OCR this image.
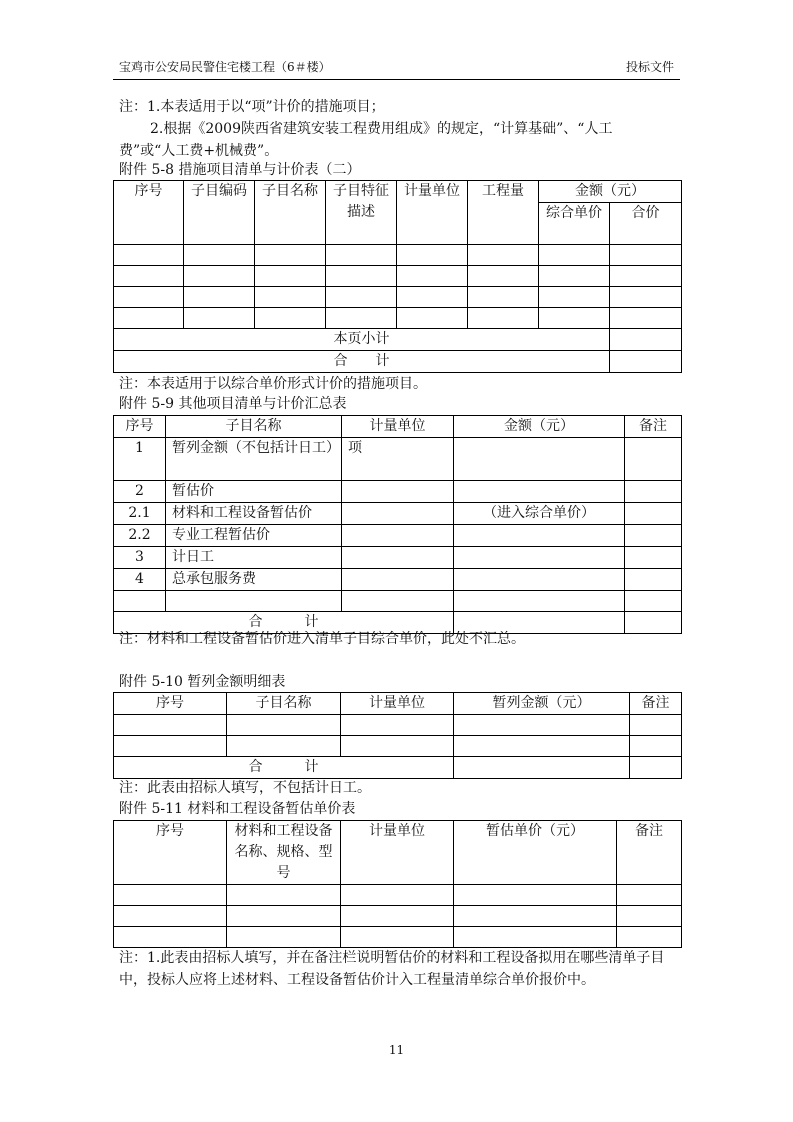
宝鸡市公安局民警住宅楼工程（6＃楼）	投标文件
注：1.本表适用于以“项”计价的措施项目；
2.根据《2009陕西省建筑安装工程费用组成》的规定，“计算基础”、“人工
费”或“人工费+机械费”。
附件 5-8 措施项目清单与计价表（二）
序号	子目编码	子目名称	子目特征描述	计量单位	工程量	金额（元）	
						综合单价	合价

本页小计							
合　　计							
注：本表适用于以综合单价形式计价的措施项目。
附件 5-9 其他项目清单与计价汇总表
序号	子目名称	计量单位	金额（元）	备注
1	暂列金额（不包括计日工）	项		
2	暂估价			
2.1	材料和工程设备暂估价		（进入综合单价）	
2.2	专业工程暂估价			
3	计日工			
4	总承包服务费			

合　　　计				
注：材料和工程设备暂估价进入清单子目综合单价，此处不汇总。
附件 5-10 暂列金额明细表
序号	子目名称	计量单位	暂列金额（元）	备注

合　　　计				
注：此表由招标人填写，不包括计日工。
附件 5-11 材料和工程设备暂估单价表
序号	材料和工程设备名称、规格、型号	计量单位	暂估单价（元）	备注

注：1.此表由招标人填写，并在备注栏说明暂估价的材料和工程设备拟用在哪些清单子目中，投标人应将上述材料、工程设备暂估价计入工程量清单综合单价报价中。
11
